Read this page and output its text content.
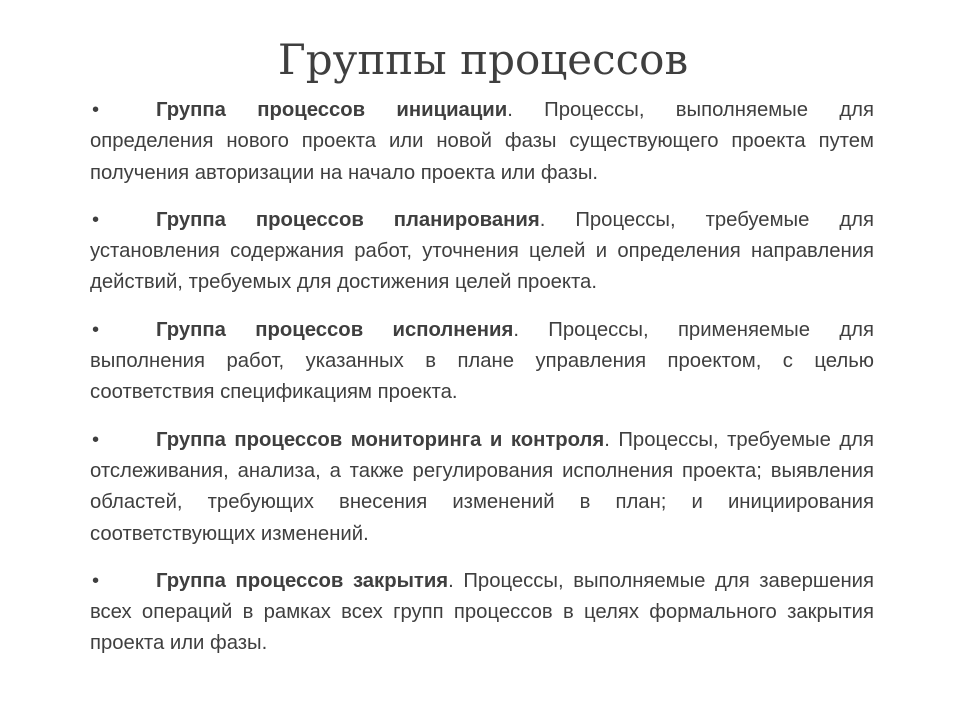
Группы процессов
•	Группа процессов инициации. Процессы, выполняемые для определения нового проекта или новой фазы существующего проекта путем получения авторизации на начало проекта или фазы.
•	Группа процессов планирования. Процессы, требуемые для установления содержания работ, уточнения целей и определения направления действий, требуемых для достижения целей проекта.
•	Группа процессов исполнения. Процессы, применяемые для выполнения работ, указанных в плане управления проектом, с целью соответствия спецификациям проекта.
•	Группа процессов мониторинга и контроля. Процессы, требуемые для отслеживания, анализа, а также регулирования исполнения проекта; выявления областей, требующих внесения изменений в план; и инициирования соответствующих изменений.
•	Группа процессов закрытия. Процессы, выполняемые для завершения всех операций в рамках всех групп процессов в целях формального закрытия проекта или фазы.
